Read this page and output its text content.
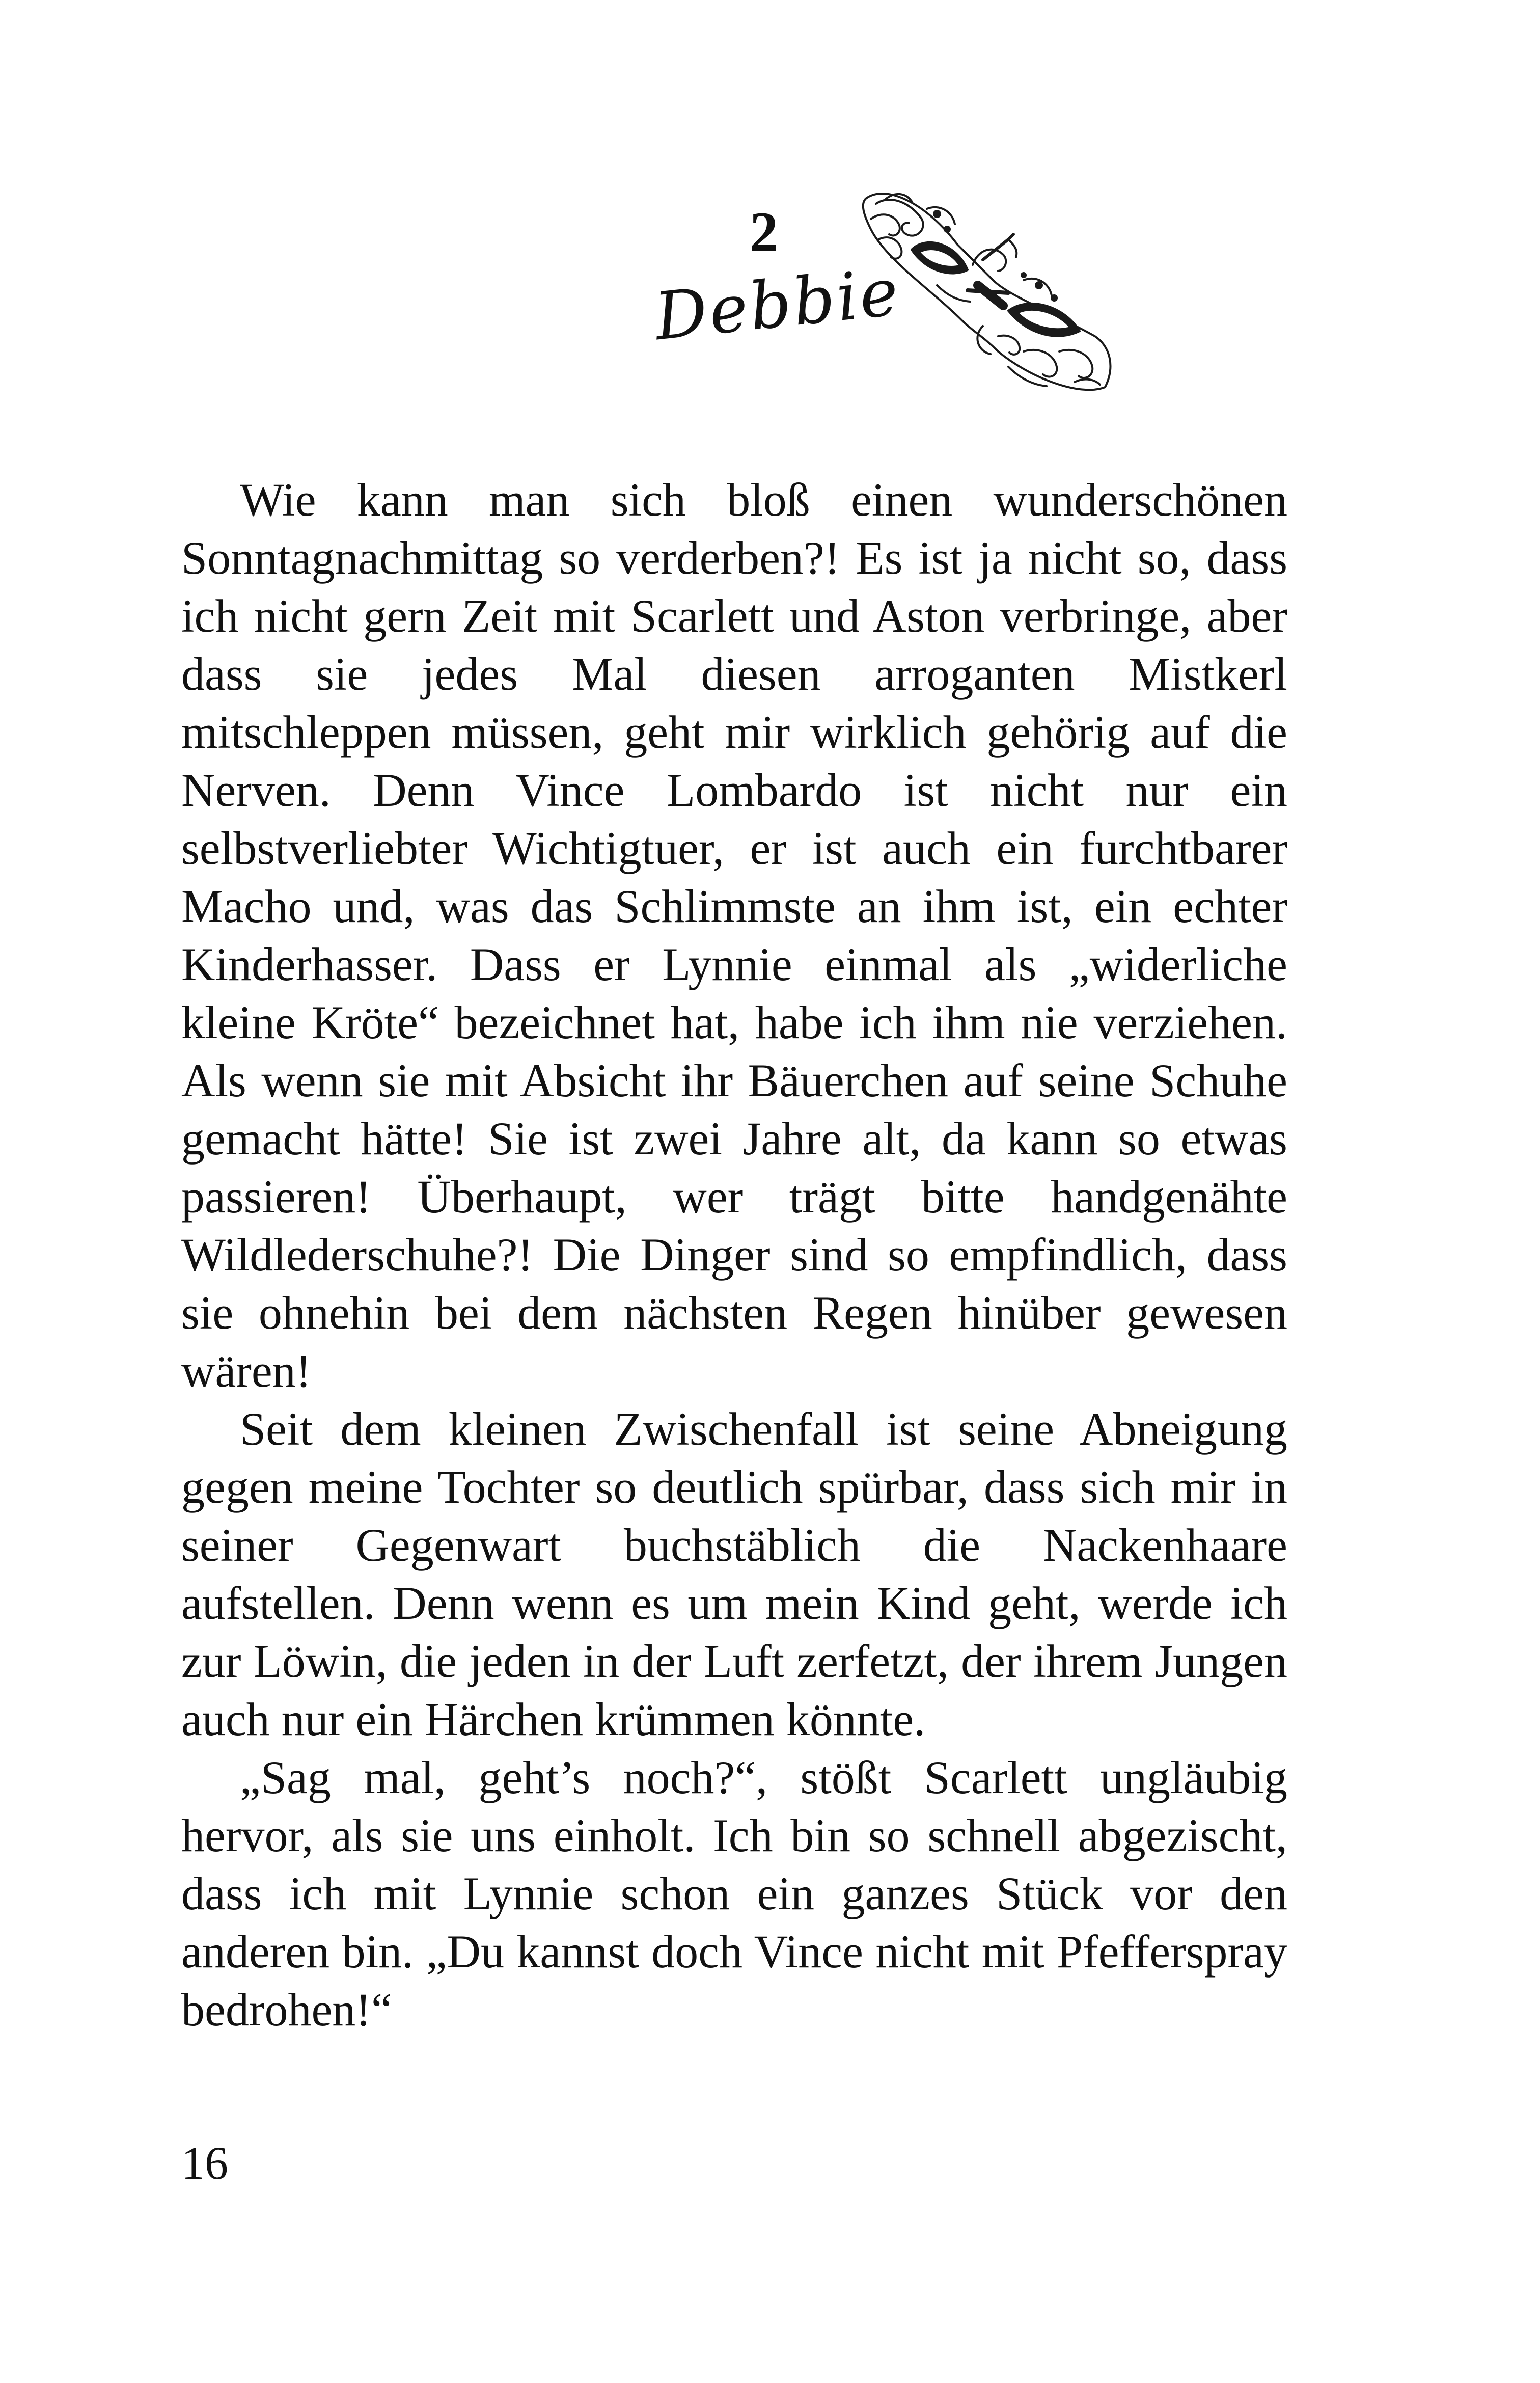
2
Debbie

Wie kann man sich bloß einen wunderschönen Sonntagnachmittag so verderben?! Es ist ja nicht so, dass ich nicht gern Zeit mit Scarlett und Aston verbringe, aber dass sie jedes Mal diesen arroganten Mistkerl mitschleppen müssen, geht mir wirklich gehörig auf die Nerven. Denn Vince Lombardo ist nicht nur ein selbstverliebter Wichtigtuer, er ist auch ein furchtbarer Macho und, was das Schlimmste an ihm ist, ein echter Kinderhasser. Dass er Lynnie einmal als „widerliche kleine Kröte“ bezeichnet hat, habe ich ihm nie verziehen. Als wenn sie mit Absicht ihr Bäuerchen auf seine Schuhe gemacht hätte! Sie ist zwei Jahre alt, da kann so etwas passieren! Überhaupt, wer trägt bitte handgenähte Wildlederschuhe?! Die Dinger sind so empfindlich, dass sie ohnehin bei dem nächsten Regen hinüber gewesen wären!

Seit dem kleinen Zwischenfall ist seine Abneigung gegen meine Tochter so deutlich spürbar, dass sich mir in seiner Gegenwart buchstäblich die Nackenhaare aufstellen. Denn wenn es um mein Kind geht, werde ich zur Löwin, die jeden in der Luft zerfetzt, der ihrem Jungen auch nur ein Härchen krümmen könnte.

„Sag mal, geht’s noch?“, stößt Scarlett ungläubig hervor, als sie uns einholt. Ich bin so schnell abgezischt, dass ich mit Lynnie schon ein ganzes Stück vor den anderen bin. „Du kannst doch Vince nicht mit Pfefferspray bedrohen!“

16
